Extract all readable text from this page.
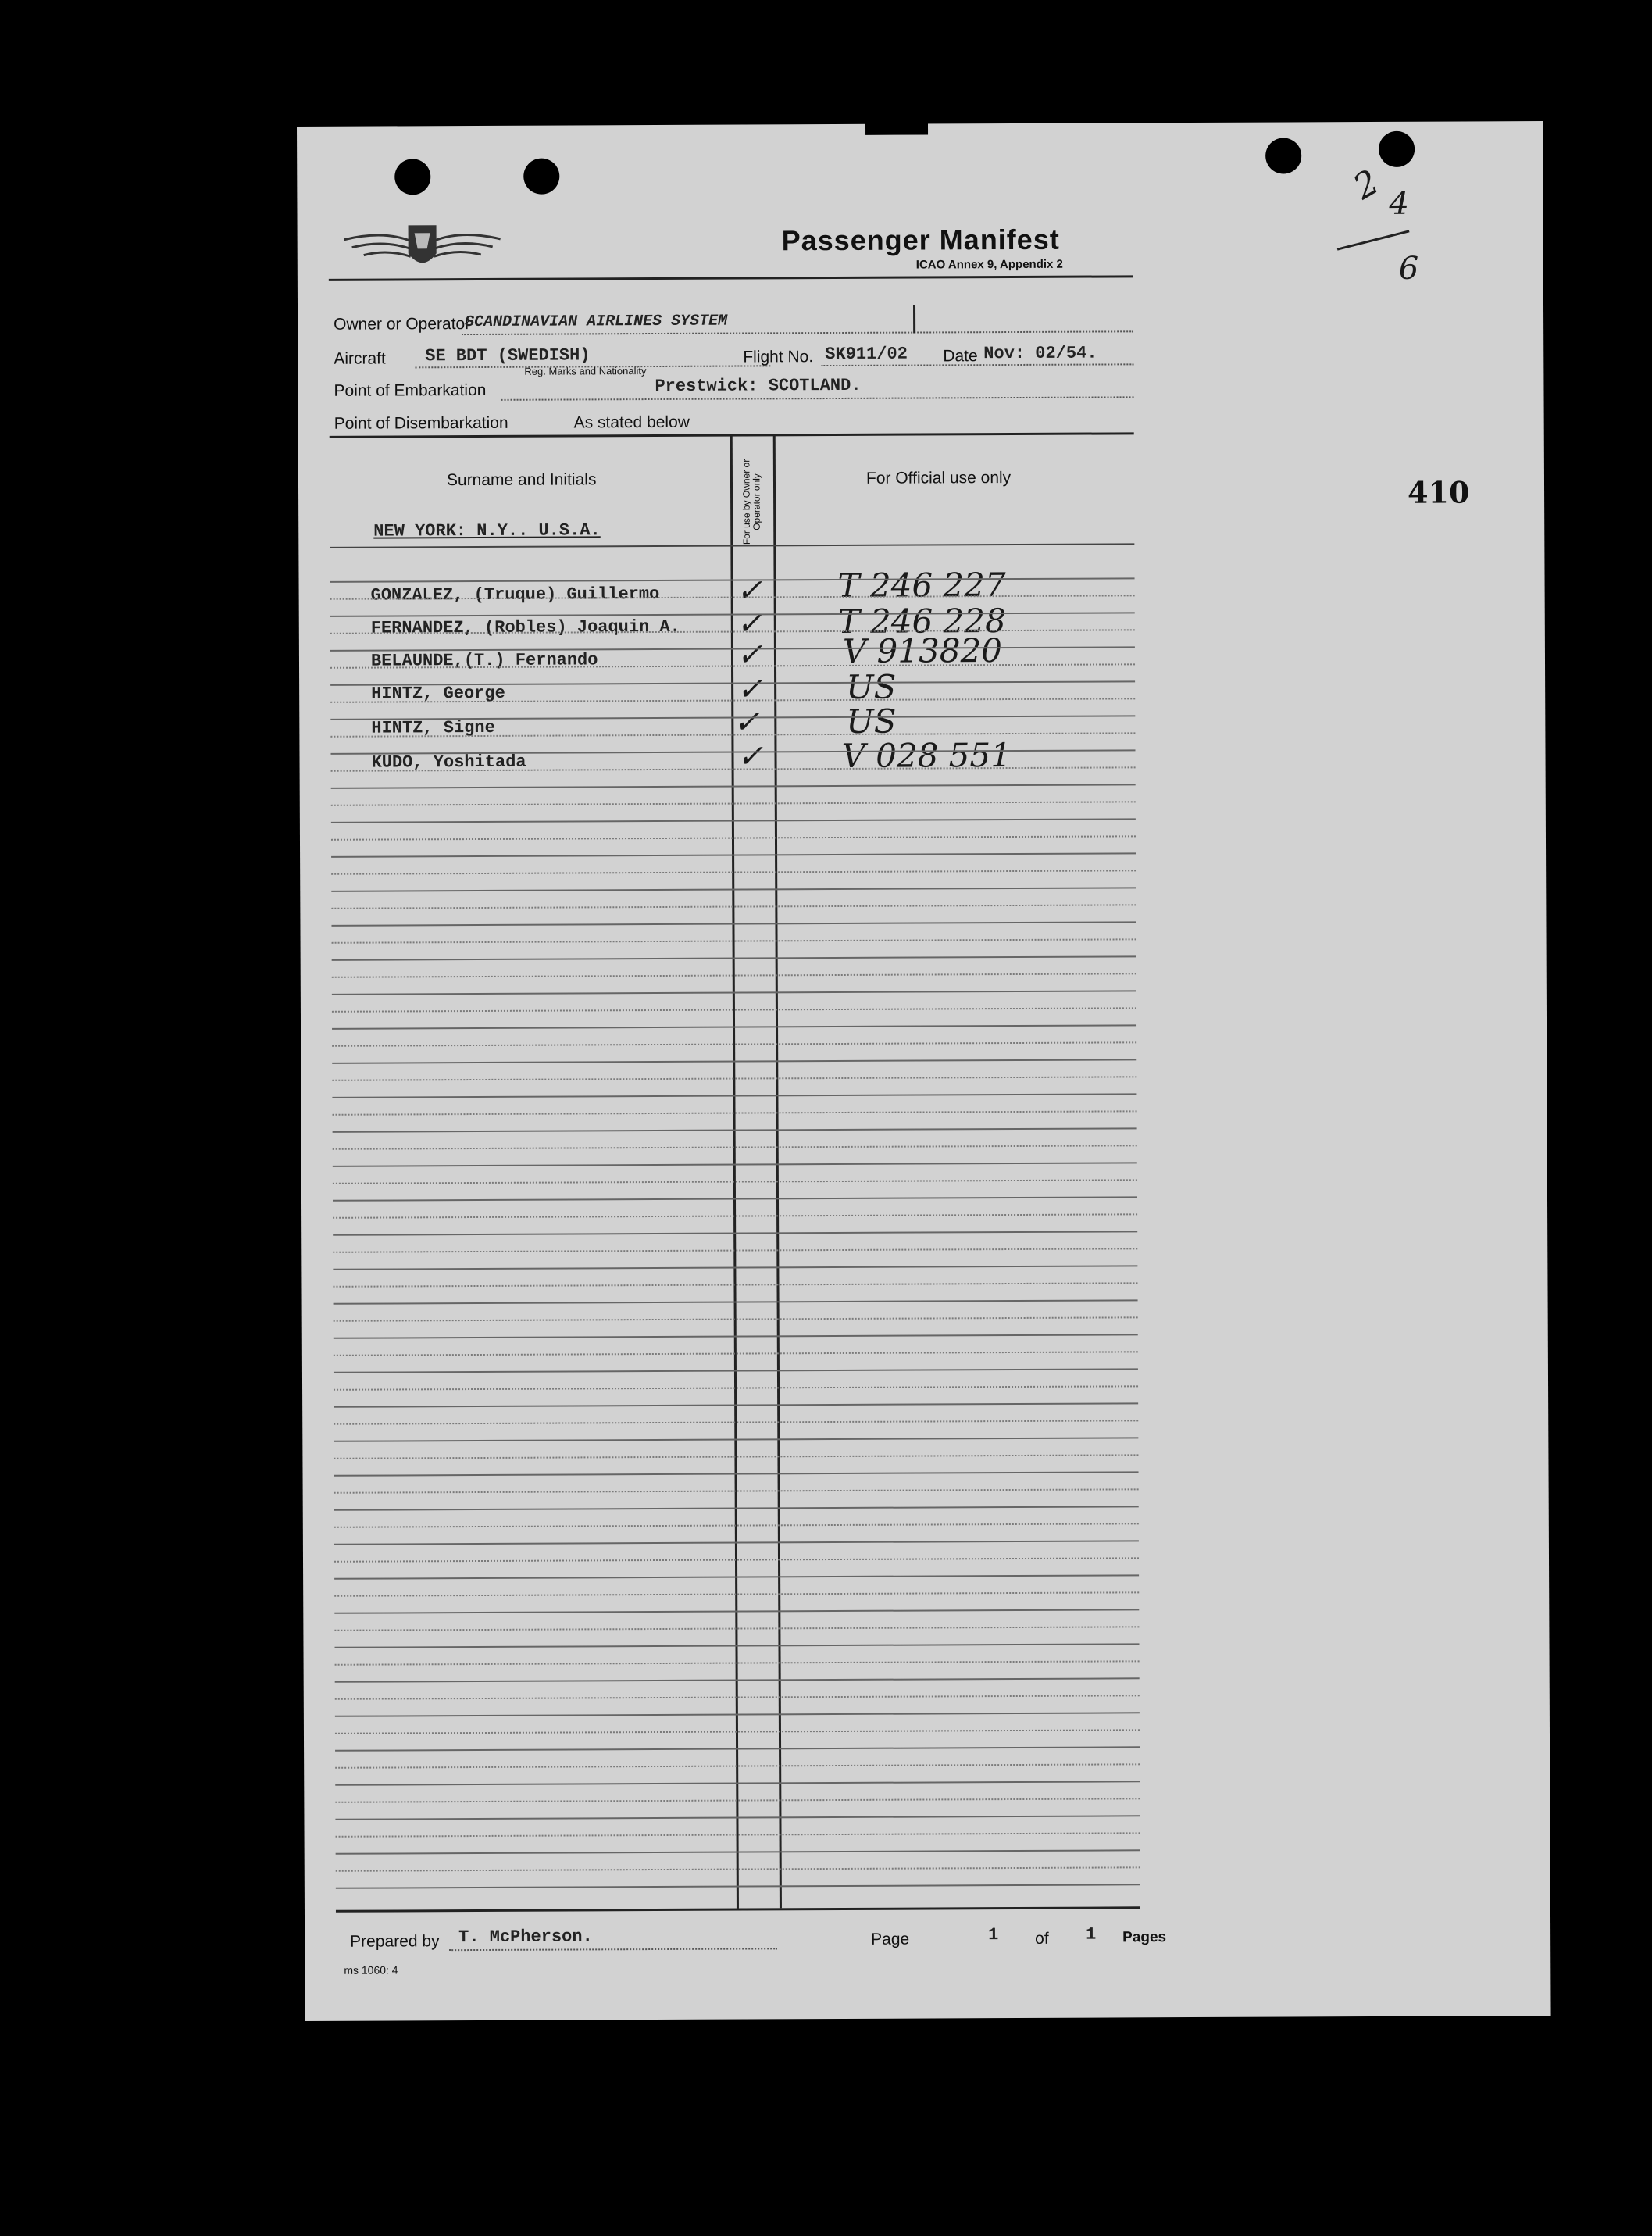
Passenger Manifest
ICAO Annex 9, Appendix 2
2 4
6
410
Owner or Operator
SCANDINAVIAN AIRLINES SYSTEM
Aircraft SE BDT (SWEDISH)
Reg. Marks and Nationality
Flight No. SK911/02 Date Nov: 02/54.
Point of Embarkation	Prestwick: SCOTLAND.
Point of Disembarkation	As stated below
Surname and Initials	For use by Owner or Operator only	For Official use only
NEW YORK: N.Y.. U.S.A.
GONZALEZ, (Truque) Guillermo ✓ T 246 227
FERNANDEZ, (Robles) Joaquin A. ✓ T 246 228
BELAUNDE,(T.) Fernando	✓ V 913820
HINTZ, George	✓	US
HINTZ, Signe	✓	US
KUDO, Yoshitada	✓ V 028 551
Prepared by T. McPherson.	Page	1 of 1 Pages
ms 1060: 4
